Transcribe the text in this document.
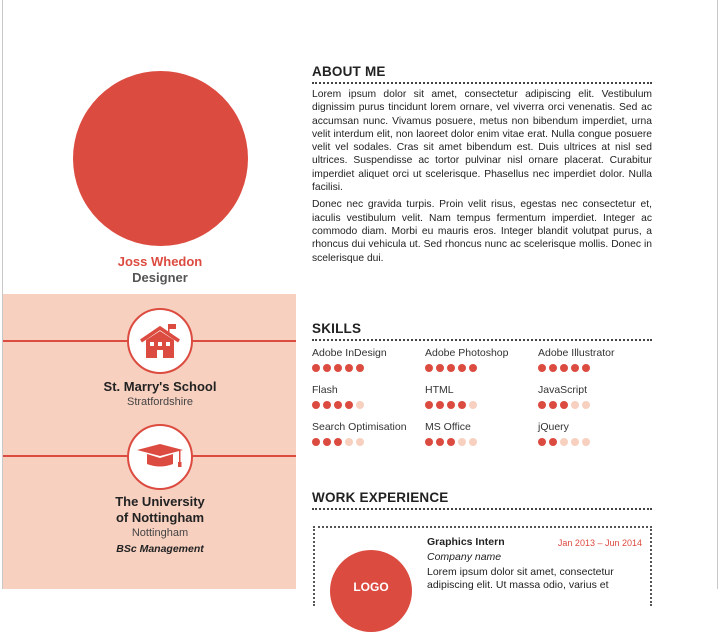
Joss Whedon
Designer
St. Marry's School
Stratfordshire
The University
of Nottingham
Nottingham
BSc Management
ABOUT ME

Lorem ipsum dolor sit amet, consectetur adipiscing elit. Vestibulum dignissim purus tincidunt lorem ornare, vel viverra orci venenatis. Sed ac accumsan nunc. Vivamus posuere, metus non bibendum imperdiet, urna velit interdum elit, non laoreet dolor enim vitae erat. Nulla congue posuere velit vel sodales. Cras sit amet bibendum est. Duis ultrices at nisl sed ultrices. Suspendisse ac tortor pulvinar nisl ornare placerat. Curabitur imperdiet aliquet orci ut scelerisque. Phasellus nec imperdiet dolor. Nulla facilisi.

Donec nec gravida turpis. Proin velit risus, egestas nec consectetur et, iaculis vestibulum velit. Nam tempus fermentum imperdiet. Integer ac commodo diam. Morbi eu mauris eros. Integer blandit volutpat purus, a rhoncus dui vehicula ut. Sed rhoncus nunc ac scelerisque mollis. Donec in scelerisque dui.

SKILLS
Adobe InDesign	Adobe Photoshop	Adobe Illustrator
Flash	HTML	JavaScript
Search Optimisation	MS Office	jQuery
WORK EXPERIENCE
LOGO
Jan 2013 – Jun 2014
Graphics Intern
Company name
Lorem ipsum dolor sit amet, consectetur adipiscing elit. Ut massa odio, varius et
